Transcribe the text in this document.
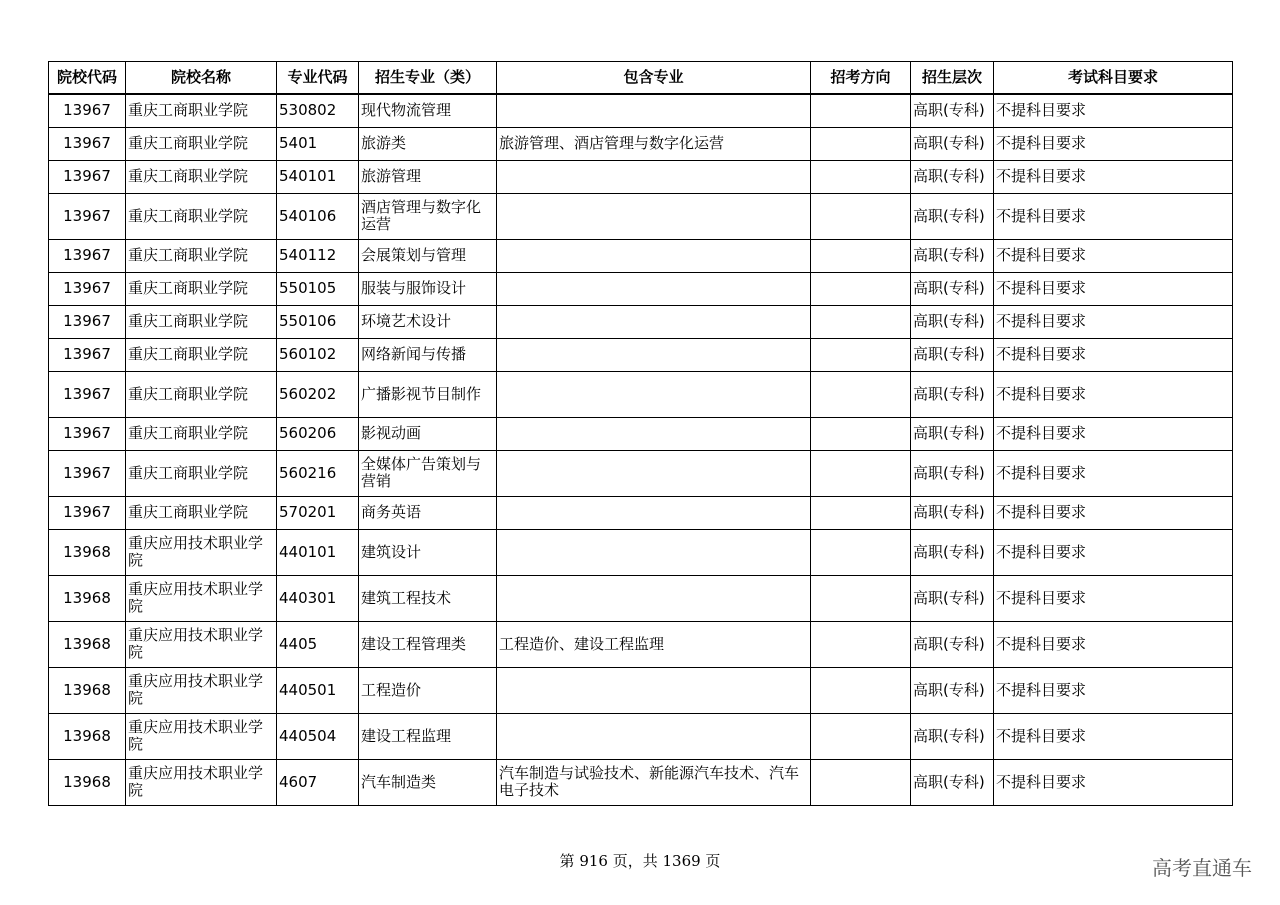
院校代码	院校名称	专业代码	招生专业（类）	包含专业	招考方向	招生层次	考试科目要求
13967	重庆工商职业学院	530802	现代物流管理			高职(专科)	不提科目要求
13967	重庆工商职业学院	5401	旅游类	旅游管理、酒店管理与数字化运营		高职(专科)	不提科目要求
13967	重庆工商职业学院	540101	旅游管理			高职(专科)	不提科目要求
13967	重庆工商职业学院	540106	酒店管理与数字化运营			高职(专科)	不提科目要求
13967	重庆工商职业学院	540112	会展策划与管理			高职(专科)	不提科目要求
13967	重庆工商职业学院	550105	服装与服饰设计			高职(专科)	不提科目要求
13967	重庆工商职业学院	550106	环境艺术设计			高职(专科)	不提科目要求
13967	重庆工商职业学院	560102	网络新闻与传播			高职(专科)	不提科目要求
13967	重庆工商职业学院	560202	广播影视节目制作			高职(专科)	不提科目要求
13967	重庆工商职业学院	560206	影视动画			高职(专科)	不提科目要求
13967	重庆工商职业学院	560216	全媒体广告策划与营销			高职(专科)	不提科目要求
13967	重庆工商职业学院	570201	商务英语			高职(专科)	不提科目要求
13968	重庆应用技术职业学院	440101	建筑设计			高职(专科)	不提科目要求
13968	重庆应用技术职业学院	440301	建筑工程技术			高职(专科)	不提科目要求
13968	重庆应用技术职业学院	4405	建设工程管理类	工程造价、建设工程监理		高职(专科)	不提科目要求
13968	重庆应用技术职业学院	440501	工程造价			高职(专科)	不提科目要求
13968	重庆应用技术职业学院	440504	建设工程监理			高职(专科)	不提科目要求
13968	重庆应用技术职业学院	4607	汽车制造类	汽车制造与试验技术、新能源汽车技术、汽车电子技术		高职(专科)	不提科目要求
第 916 页，共 1369 页	高考直通车
